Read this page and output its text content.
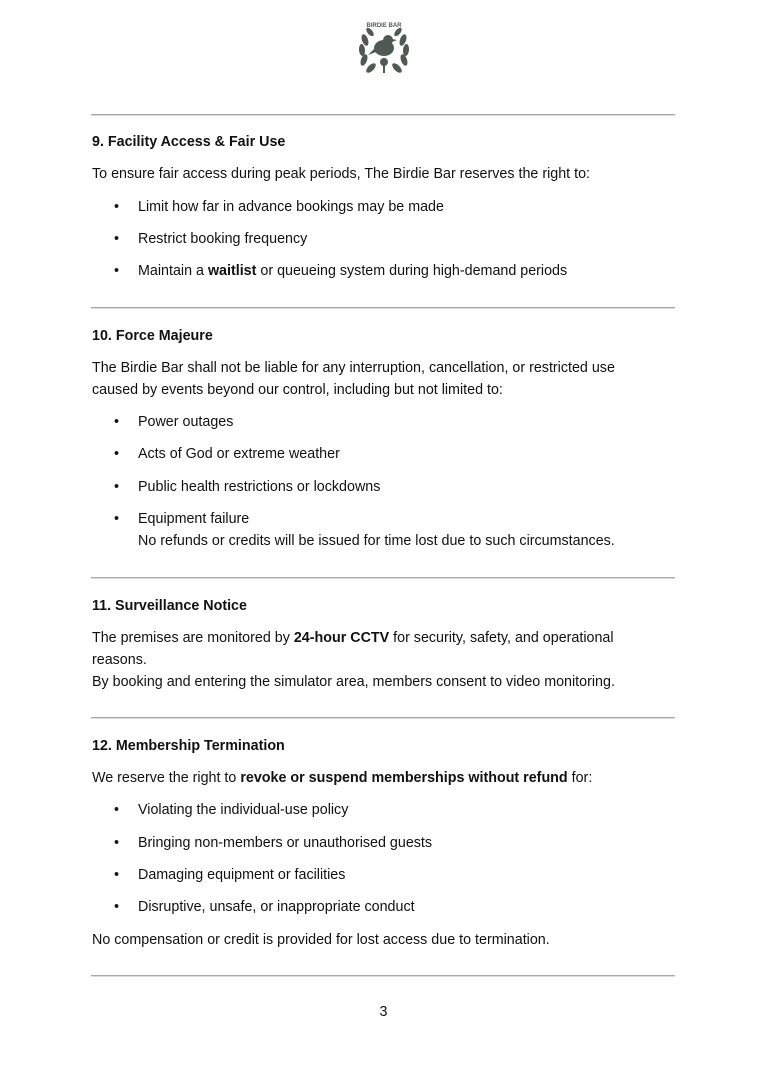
BIRDIE BAR

9. Facility Access & Fair Use

To ensure fair access during peak periods, The Birdie Bar reserves the right to:

• Limit how far in advance bookings may be made
• Restrict booking frequency
• Maintain a waitlist or queueing system during high-demand periods

10. Force Majeure

The Birdie Bar shall not be liable for any interruption, cancellation, or restricted use

caused by events beyond our control, including but not limited to:

• Power outages
• Acts of God or extreme weather
• Public health restrictions or lockdowns
• Equipment failure
No refunds or credits will be issued for time lost due to such circumstances.

11. Surveillance Notice

The premises are monitored by 24-hour CCTV for security, safety, and operational

reasons.

By booking and entering the simulator area, members consent to video monitoring.

12. Membership Termination

We reserve the right to revoke or suspend memberships without refund for:

• Violating the individual-use policy
• Bringing non-members or unauthorised guests
• Damaging equipment or facilities
• Disruptive, unsafe, or inappropriate conduct

No compensation or credit is provided for lost access due to termination.

3
